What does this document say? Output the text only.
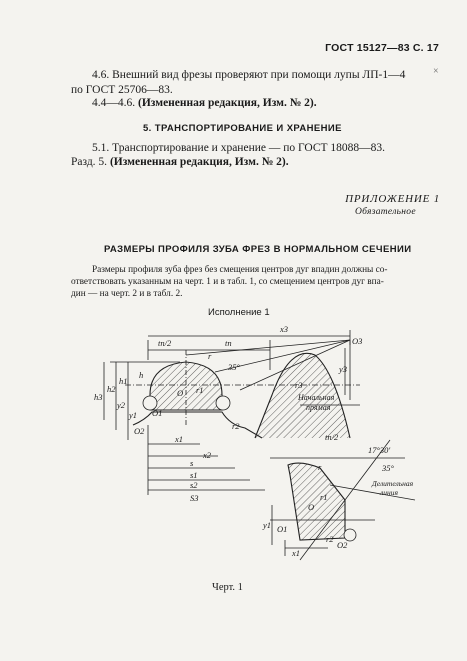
ГОСТ 15127—83 С. 17
4.6. Внешний вид фрезы проверяют при помощи лупы ЛП-1—4	×
по ГОСТ 25706—83.
4.4—4.6. (Измененная редакция, Изм. № 2).
5. ТРАНСПОРТИРОВАНИЕ И ХРАНЕНИЕ
5.1. Транспортирование и хранение — по ГОСТ 18088—83.
Разд. 5. (Измененная редакция, Изм. № 2).
ПРИЛОЖЕНИЕ 1
Обязательное
РАЗМЕРЫ ПРОФИЛЯ ЗУБА ФРЕЗ В НОРМАЛЬНОМ СЕЧЕНИИ
Размеры профиля зуба фрез без смещения центров дуг впадин должны со-
ответствовать указанным на черт. 1 и в табл. 1, со смещением центров дуг впа-
дин — на черт. 2 и в табл. 2.
Исполнение 1
tn/2	tn
x3
O3
r
35°
r1
O
O1
O2	r2
r3
h
h1
h2
h3
y1
y2
y3
x1
x2
s
s1
s2
S3
Начальная
прямая
17°30'
35°
Делительная
линия
r
r1
O
O1
O2
r2
x1
y1
tn/2
Черт. 1
